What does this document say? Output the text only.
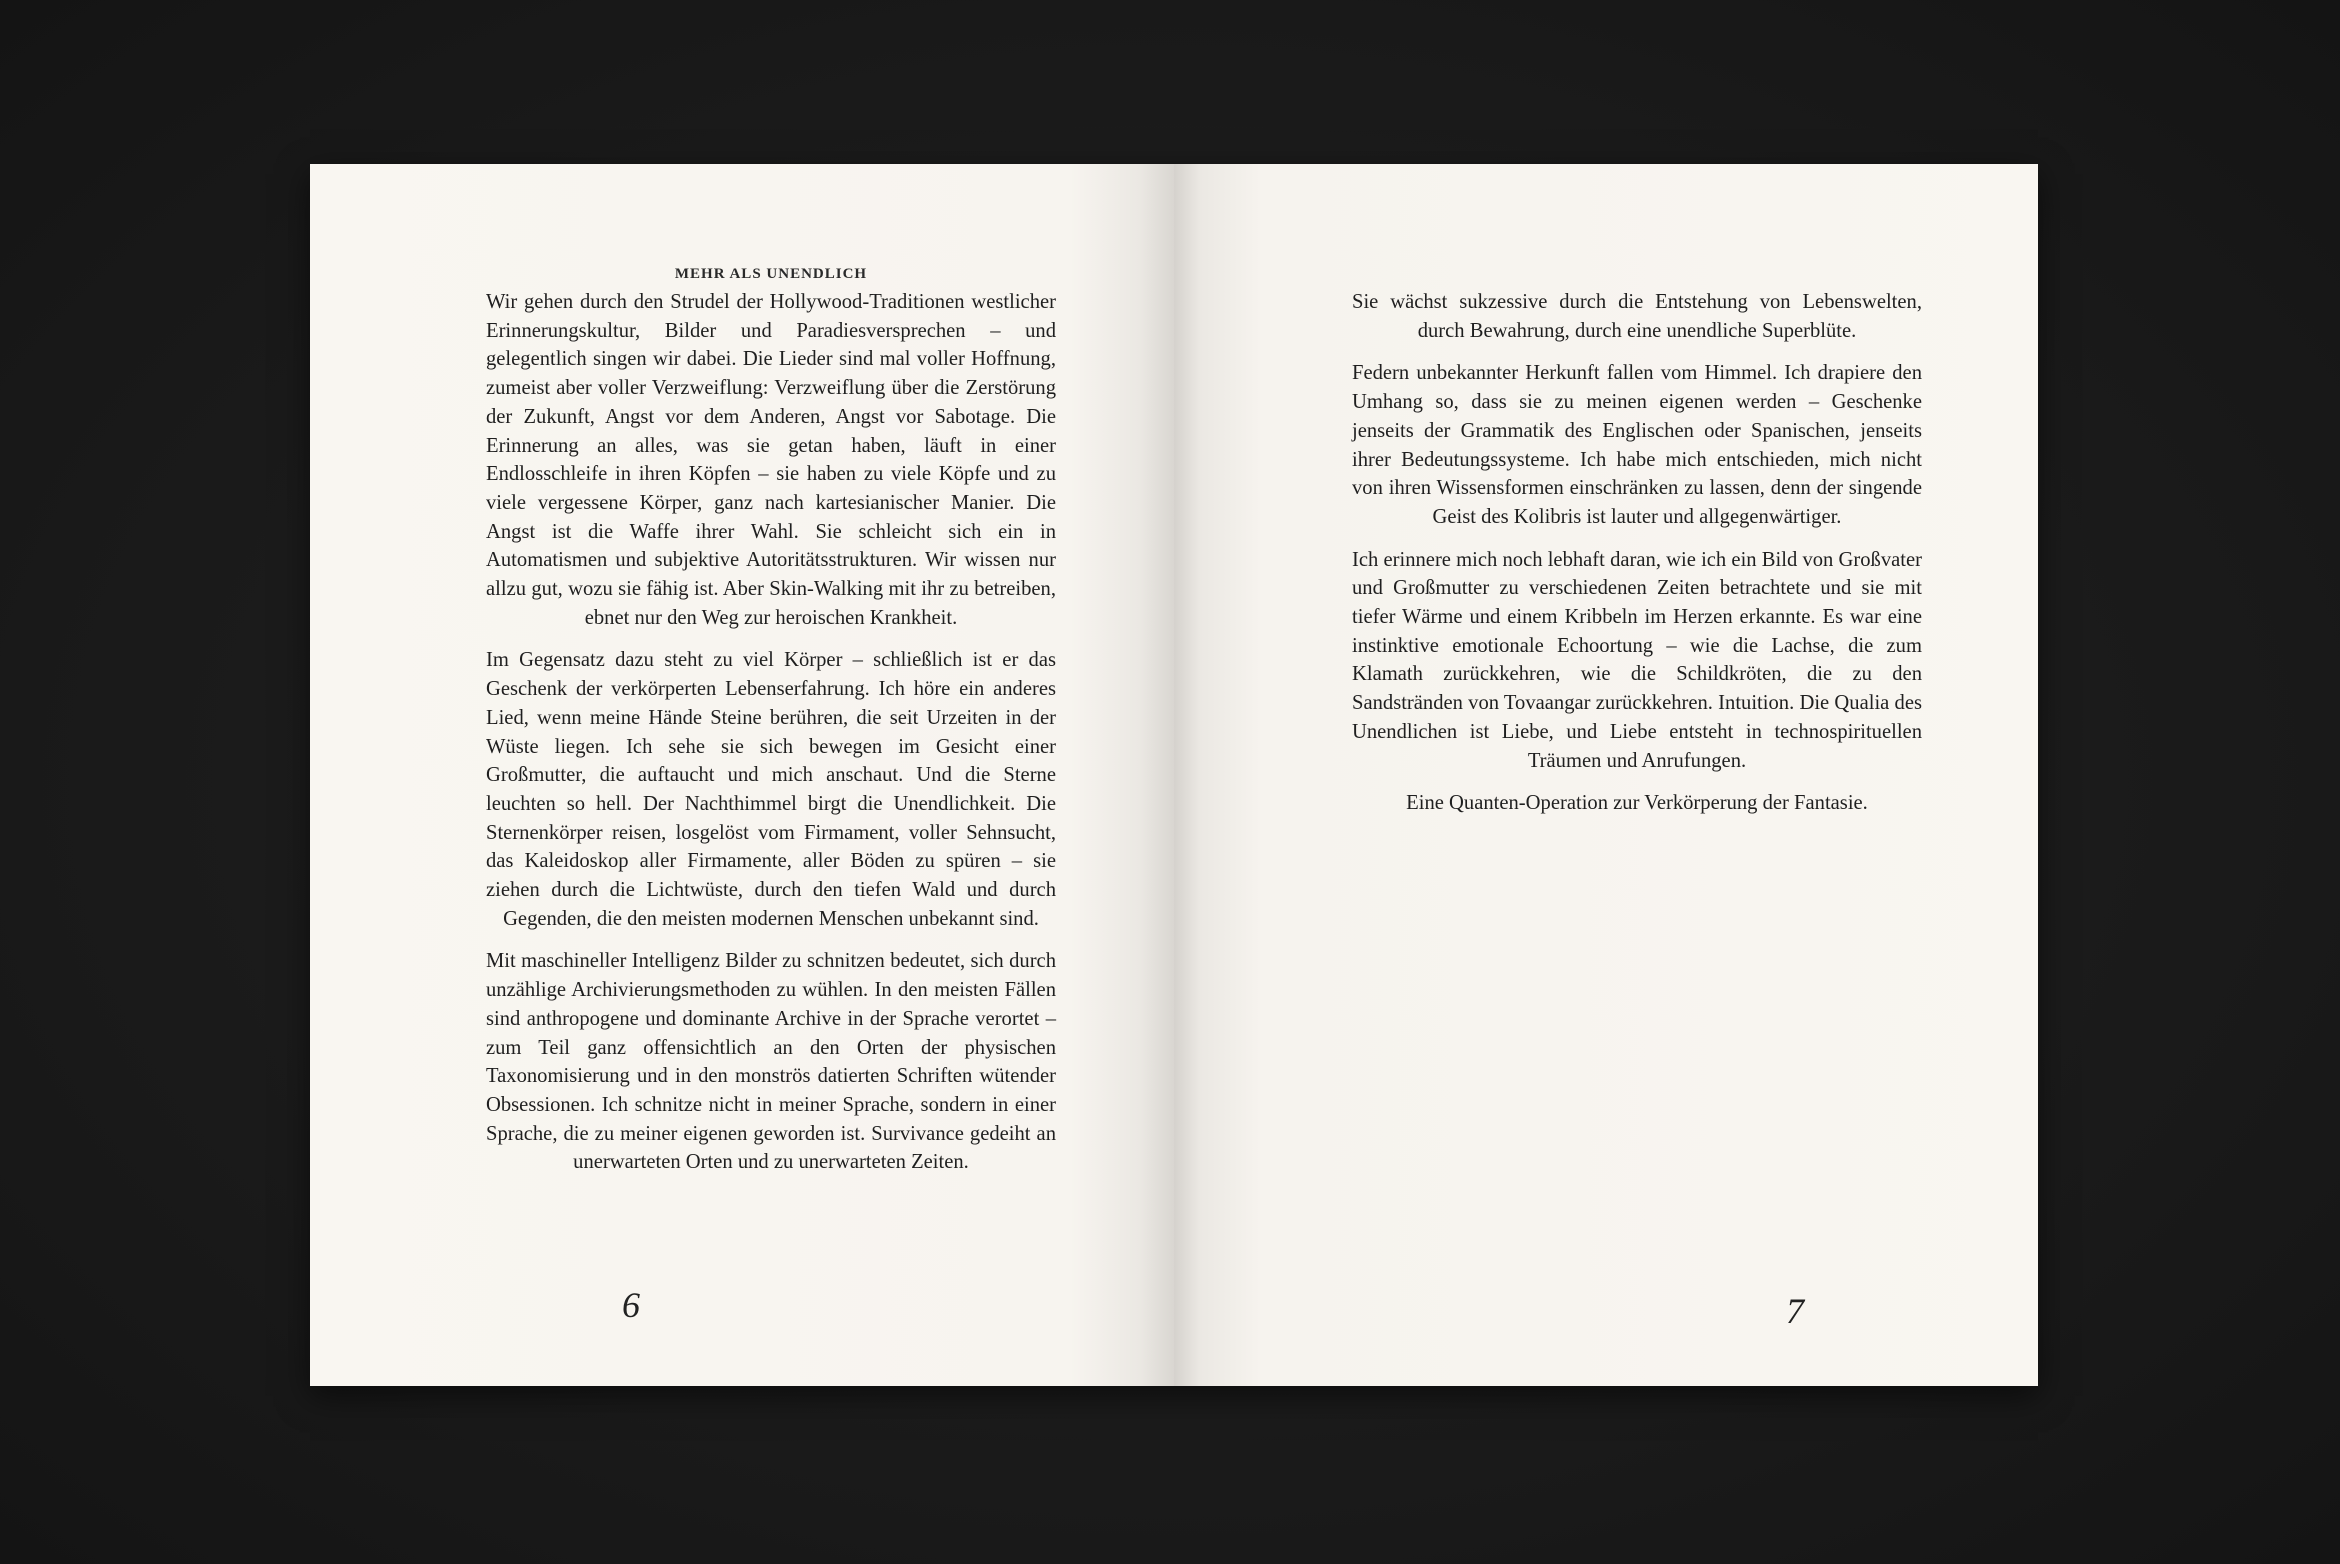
MEHR ALS UNENDLICH

Wir gehen durch den Strudel der Hollywood-Traditionen westlicher Erinnerungskultur, Bilder und Paradiesversprechen – und gelegentlich singen wir dabei. Die Lieder sind mal voller Hoffnung, zumeist aber voller Verzweiflung: Verzweiflung über die Zerstörung der Zukunft, Angst vor dem Anderen, Angst vor Sabotage. Die Erinnerung an alles, was sie getan haben, läuft in einer Endlosschleife in ihren Köpfen – sie haben zu viele Köpfe und zu viele vergessene Körper, ganz nach kartesianischer Manier. Die Angst ist die Waffe ihrer Wahl. Sie schleicht sich ein in Automatismen und subjektive Autoritätsstrukturen. Wir wissen nur allzu gut, wozu sie fähig ist. Aber Skin-Walking mit ihr zu betreiben, ebnet nur den Weg zur heroischen Krankheit.

Im Gegensatz dazu steht zu viel Körper – schließlich ist er das Geschenk der verkörperten Lebenserfahrung. Ich höre ein anderes Lied, wenn meine Hände Steine berühren, die seit Urzeiten in der Wüste liegen. Ich sehe sie sich bewegen im Gesicht einer Großmutter, die auftaucht und mich anschaut. Und die Sterne leuchten so hell. Der Nachthimmel birgt die Unendlichkeit. Die Sternenkörper reisen, losgelöst vom Firmament, voller Sehnsucht, das Kaleidoskop aller Firmamente, aller Böden zu spüren – sie ziehen durch die Lichtwüste, durch den tiefen Wald und durch Gegenden, die den meisten modernen Menschen unbekannt sind.

Mit maschineller Intelligenz Bilder zu schnitzen bedeutet, sich durch unzählige Archivierungsmethoden zu wühlen. In den meisten Fällen sind anthropogene und dominante Archive in der Sprache verortet – zum Teil ganz offensichtlich an den Orten der physischen Taxonomisierung und in den monströs datierten Schriften wütender Obsessionen. Ich schnitze nicht in meiner Sprache, sondern in einer Sprache, die zu meiner eigenen geworden ist. Survivance gedeiht an unerwarteten Orten und zu unerwarteten Zeiten.

6

Sie wächst sukzessive durch die Entstehung von Lebenswelten, durch Bewahrung, durch eine unendliche Superblüte.

Federn unbekannter Herkunft fallen vom Himmel. Ich drapiere den Umhang so, dass sie zu meinen eigenen werden – Geschenke jenseits der Grammatik des Englischen oder Spanischen, jenseits ihrer Bedeutungssysteme. Ich habe mich entschieden, mich nicht von ihren Wissensformen einschränken zu lassen, denn der singende Geist des Kolibris ist lauter und allgegenwärtiger.

Ich erinnere mich noch lebhaft daran, wie ich ein Bild von Großvater und Großmutter zu verschiedenen Zeiten betrachtete und sie mit tiefer Wärme und einem Kribbeln im Herzen erkannte. Es war eine instinktive emotionale Echoortung – wie die Lachse, die zum Klamath zurückkehren, wie die Schildkröten, die zu den Sandstränden von Tovaangar zurückkehren. Intuition. Die Qualia des Unendlichen ist Liebe, und Liebe entsteht in technospirituellen Träumen und Anrufungen.

Eine Quanten-Operation zur Verkörperung der Fantasie.

7
